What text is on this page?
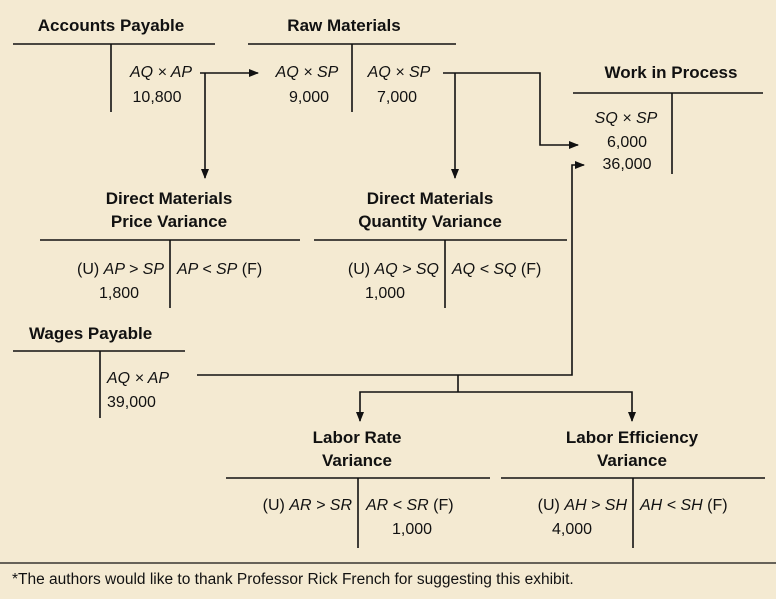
Accounts Payable
AQ × AP
10,800
Raw Materials
AQ × SP
9,000
AQ × SP
7,000
Work in Process
SQ × SP
6,000
36,000
Direct Materials
Price Variance
(U) AP > SP
1,800
AP < SP (F)
Direct Materials
Quantity Variance
(U) AQ > SQ
1,000
AQ < SQ (F)
Wages Payable
AQ × AP
39,000
Labor Rate
Variance
(U) AR > SR AR < SR (F)
1,000
Labor Efficiency
Variance
(U) AH > SH
4,000
AH < SH (F)
*The authors would like to thank Professor Rick French for suggesting this exhibit.
